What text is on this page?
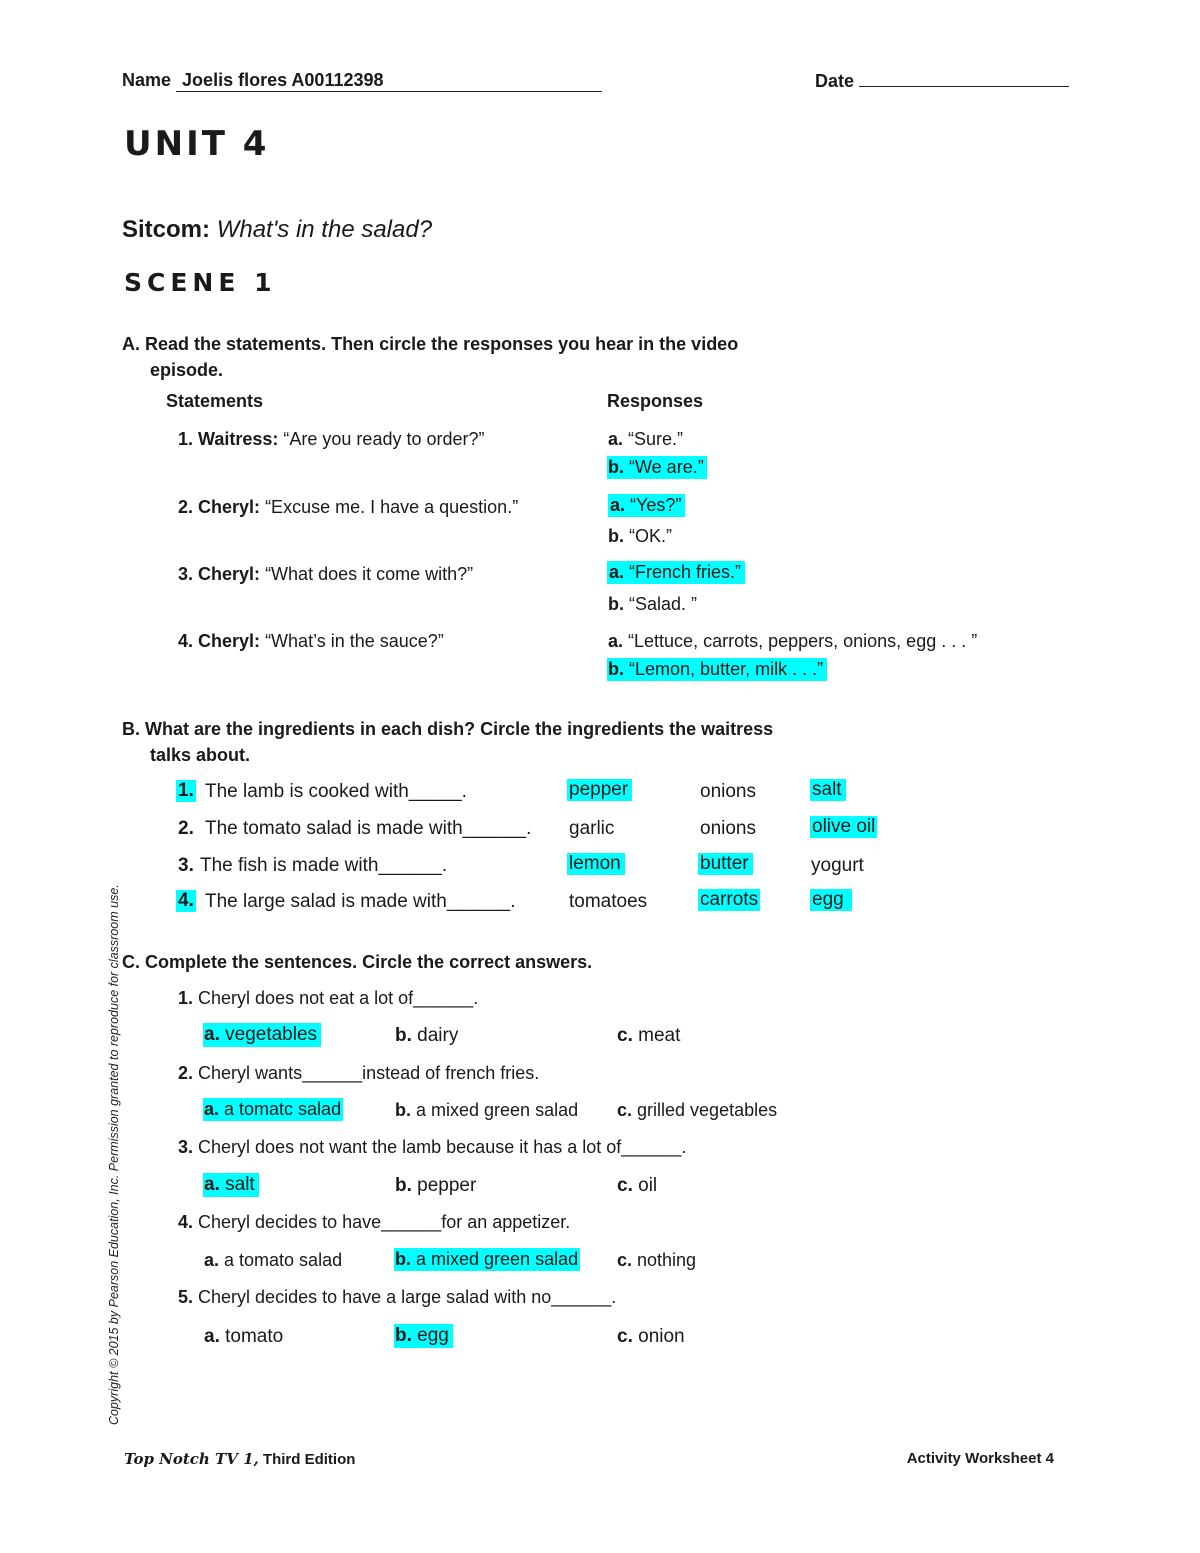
Name Joelis flores A00112398	Date
UNIT 4
Sitcom: What's in the salad?
SCENE 1
A. Read the statements. Then circle the responses you hear in the video
episode.
Statements	Responses
1. Waitress: “Are you ready to order?”	a. “Sure.”
b. “We are.”
2. Cheryl: “Excuse me. I have a question.”	a. “Yes?”
b. “OK.”
3. Cheryl: “What does it come with?”	a. “French fries.”
b. “Salad. ”
4. Cheryl: “What’s in the sauce?”	a. “Lettuce, carrots, peppers, onions, egg . . . ”
b. “Lemon, butter, milk . . .”
B. What are the ingredients in each dish? Circle the ingredients the waitress
talks about.
1. The lamb is cooked with_____.	pepper	onions	salt
2. The tomato salad is made with______. garlic	onions	olive oil
3. The fish is made with______.	lemon	butter	yogurt
4. The large salad is made with______.	tomatoes	carrots	egg
C. Complete the sentences. Circle the correct answers.
1. Cheryl does not eat a lot of______.
a. vegetables	b. dairy	c. meat
2. Cheryl wants______instead of french fries.
a. a tomatc salad	b. a mixed green salad c. grilled vegetables
3. Cheryl does not want the lamb because it has a lot of______.
a. salt	b. pepper	c. oil
4. Cheryl decides to have______for an appetizer.
a. a tomato salad	b. a mixed green salad c. nothing
5. Cheryl decides to have a large salad with no______.
a. tomato	b. egg	c. onion
Copyright © 2015 by Pearson Education, Inc. Permission granted to reproduce for classroom use.
Top Notch TV 1, Third Edition	Activity Worksheet 4
